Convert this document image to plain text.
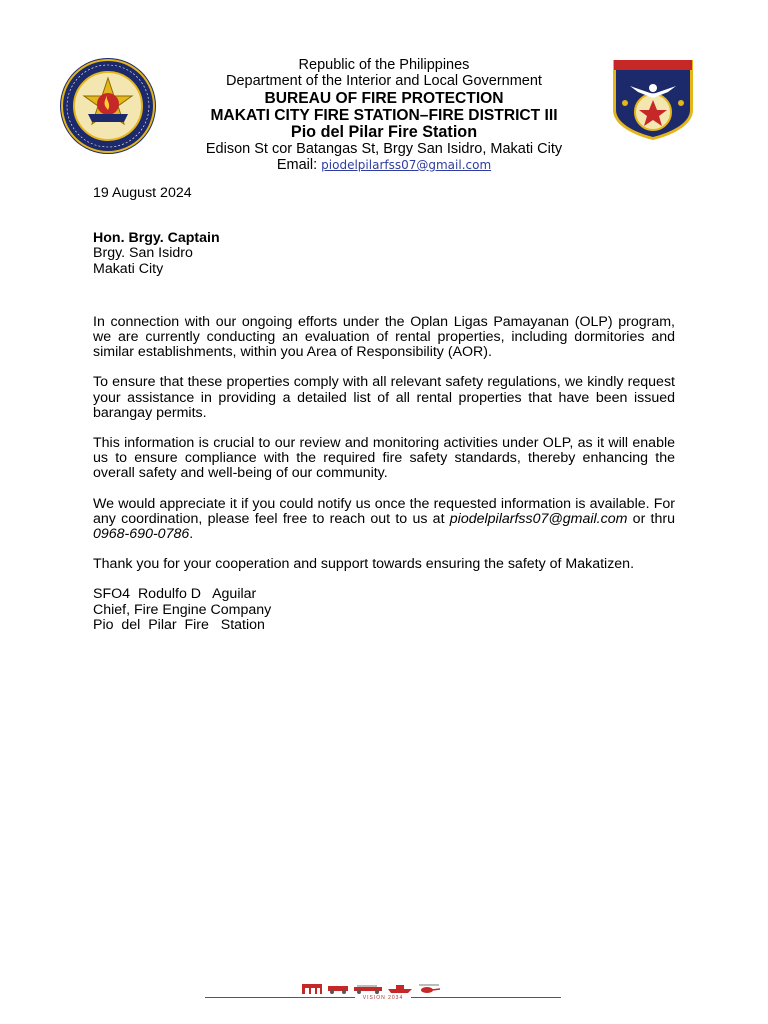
Republic of the Philippines
Department of the Interior and Local Government
BUREAU OF FIRE PROTECTION
MAKATI CITY FIRE STATION–FIRE DISTRICT III
Pio del Pilar Fire Station
Edison St cor Batangas St, Brgy San Isidro, Makati City
Email: piodelpilarfss07@gmail.com
19 August 2024
Hon. Brgy. Captain
Brgy. San Isidro
Makati City

In connection with our ongoing efforts under the Oplan Ligas Pamayanan (OLP) program, we are currently conducting an evaluation of rental properties, including dormitories and similar establishments, within you Area of Responsibility (AOR).

To ensure that these properties comply with all relevant safety regulations, we kindly request your assistance in providing a detailed list of all rental properties that have been issued barangay permits.

This information is crucial to our review and monitoring activities under OLP, as it will enable us to ensure compliance with the required fire safety standards, thereby enhancing the overall safety and well-being of our community.

We would appreciate it if you could notify us once the requested information is available. For any coordination, please feel free to reach out to us at piodelpilarfss07@gmail.com or thru 0968-690-0786.

Thank you for your cooperation and support towards ensuring the safety of Makatizen.

SFO4  Rodulfo D   Aguilar
Chief, Fire Engine Company
Pio  del  Pilar  Fire   Station
VISION 2034
